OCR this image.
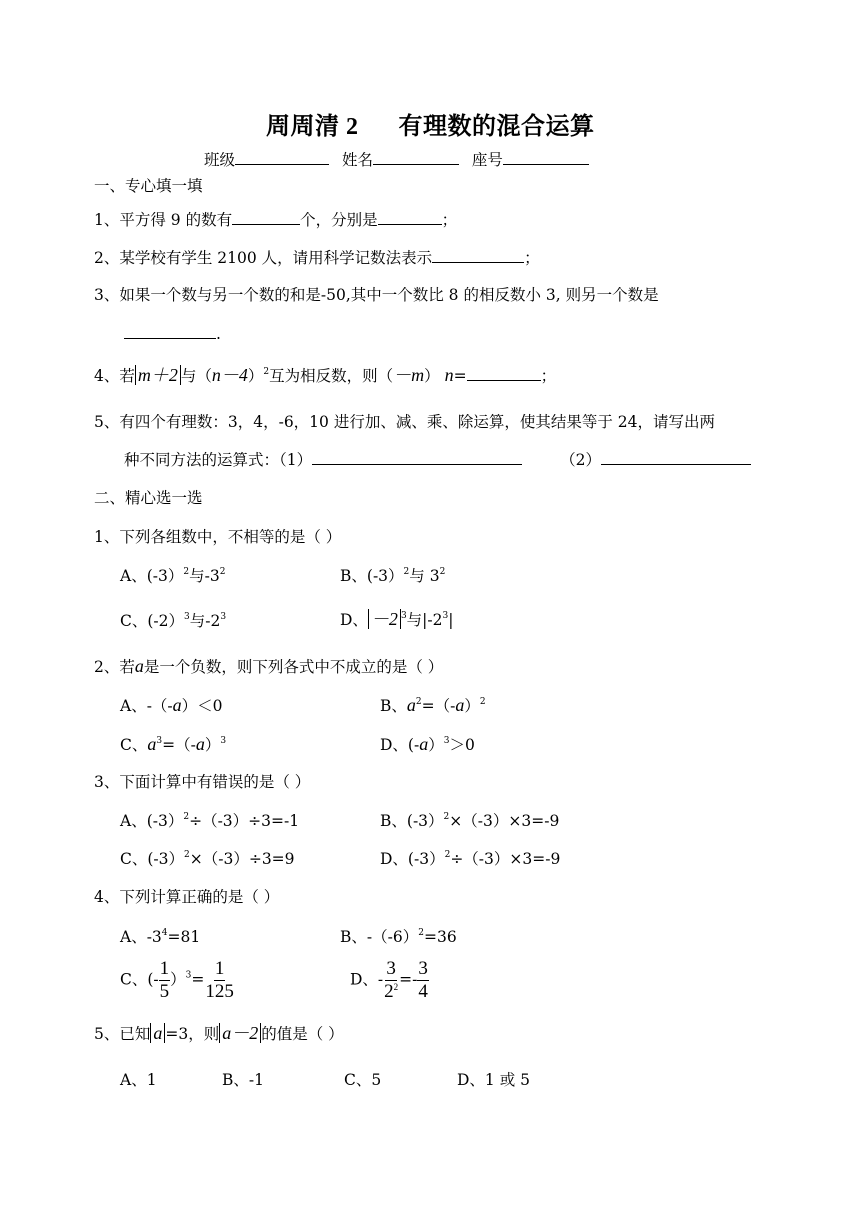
周周清 2 有理数的混合运算
班级	姓名	座号
一、专心填一填
1、平方得 9 的数有	个，分别是	；
2、某学校有学生 2100 人，请用科学记数法表示	；
3、如果一个数与另一个数的和是-50,其中一个数比 8 的相反数小 3, 则另一个数是
.
4、若 m＋2 与$(n-4)^2$互为相反数，则（－m） n=	；
5、有四个有理数：3，4，-6，10 进行加、减、乘、除运算，使其结果等于 24，请写出两
种不同方法的运算式：（1）	（2）
二、精心选一选
1、下列各组数中，不相等的是（ ）
A、(-3）$^2$与$-3^2$	B、(-3）$^2$与 $3^2$
C、(-2）$^3$与$-2^3$	D、 －2 $^3$与$|-2^3|$
2、若a是一个负数，则下列各式中不成立的是（ ）
A、-（-a）＜0	B、$a^2=(-a)^2$
C、$a^3=(-a)^3$	D、(-a）$^3$＞0
3、下面计算中有错误的是（ ）
A、(-3）$^2$÷（-3）÷3=-1	B、(-3）$^2$×（-3）×3=-9
C、(-3）$^2$×（-3）÷3=9	D、(-3）$^2$÷（-3）×3=-9
4、下列计算正确的是（ ）
A、$-3^4=81$	B、$-(-6)^2=36$
C、(- $\frac{1}{5} )^3= \frac{1}{125}$	D、- $\frac{3}{2^2} =- \frac{3}{4}$
5、已知 a =3，则 a－2 的值是（ ）
A、1	B、-1	C、5	D、1 或 5
